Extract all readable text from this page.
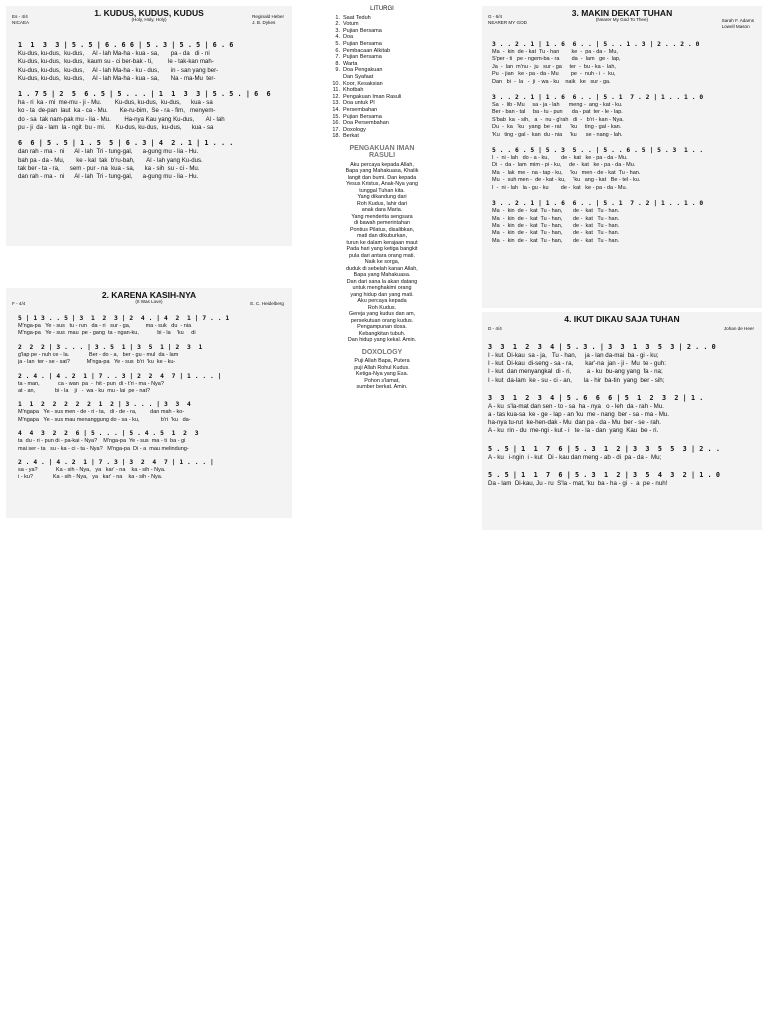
1. KUDUS, KUDUS, KUDUS
(Holy, Holy, Holy)
Es - 4/4
NICAEA
Reginald Heber
J. B. Dykes
1  1  3  3 | 5 . 5 | 6 . 6 6 | 5 . 3 | 5 . 5 | 6 . 6
Ku-dus, ku-dus,  ku-dus,     Al - lah Ma-ha - kua - sa,       pa - da   di - ni
Ku-dus, ku-dus,  ku-dus,  kaum su - ci ber-bak - ti,         le - tak-kan mah-
Ku-dus, ku-dus,  ku-dus,     Al - lah Ma-ha - ku - dus,       in - san yang ber-
Ku-dus, ku-dus,  ku-dus,     Al - lah Ma-ha - kua - sa,       Na - ma-Mu  ter-
1 . 7 5 | 2  5  6 . 5 | 5 . . . | 1  1  3  3 | 5 . 5 . | 6  6
ha - ri  ka - mi  me-mu - ji - Mu.        Ku-dus, ku-dus,  ku-dus,      kua - sa
ko - ta  de-pan  laut  ka - ca - Mu.       Ke-ru-bim,  Se - ra - fim,   menyem-
do - sa  tak nam-pak mu - lia - Mu.        Ha-nya Kau yang Ku-dus,       Al - lah
pu - ji  da - lam  la - ngit  bu - mi.      Ku-dus, ku-dus,  ku-dus,      kua - sa
6  6 | 5 . 5 | 1 . 5  5 | 6 . 3 | 4  2 . 1 | 1 . . .
dan rah - ma -  ni      Al - lah  Tri - tung-gal,      a-gung mu - lia - Hu.
bah pa - da - Mu,       ke - kal  tak  b'ru-bah,       Al - lah yang Ku-dus.
tak ber - ta - ra,      sem - pur - na  kua - sa,      ka - sih  su - ci - Mu.
dan rah - ma -  ni      Al - lah  Tri - tung-gal,      a-gung mu - lia - Hu.
2. KARENA KASIH-NYA
(It Was Love)
F - 4/4	E. C. Heidelberg
5 | 1 3 . . 5 | 3  1  2  3 | 2  4 . | 4  2  1 | 7 . . 1
M'nga-pa   Ye - sus   tu - run   da - ri   sur - ga,          ma - suk   du  - nia
M'nga-pa   Ye - sus  mau  pe - gang  ta - ngan-ku,            bi - la    'ku     di
2  2  2 | 3 . . . | 3 . 5  1 | 3  5  1 | 2  3  1
g'lap pe - nuh ce - la.             Ber - do - a,   ber - gu - mul  da - lam
ja - lan  ter - se - sat?           M'nga-pa   Ye - sus  b'ri  'ku  ke - ku-
2 . 4 . | 4 . 2  1 | 7 . . 3 | 2  2  4  7 | 1 . . . |
ta - man,            ca - wan  pa  -  hit - pun  di - t'ri - ma - Nya?
at - an,             bi - la    ji   -  wa - ku  mu - lai  pe - nat?
1  1  2  2  2  2  2  1  2 | 3 . . . | 3  3  4
M'ngapa   Ye - sus men - de - ri - ta,   di - de - ra,         dan mah - ko-
M'ngapa   Ye - sus mau menanggung do - sa - ku,              b'ri  'ku   da-
4  4  3  2  2  6 | 5 . . . | 5 . 4 . 5  1  2  3
ta  du - ri - pun di - pa-kai - Nya?    M'nga-pa  Ye - sus  ma - ti  ba - gi
mai ser - ta   su - ka - ci - ta - Nya?   M'nga-pa  Di - a  mau melindung-
2 . 4 . | 4 . 2  1 | 7 . 3 | 3  2  4  7 | 1 . . . |
sa - ya?            Ka - sih - Nya,   ya   kar' - na    ka - sih - Nya.
i - ku?             Ka - sih - Nya,   ya   kar' - na    ka - sih - Nya.
LITURGI
1. Saat Teduh
2. Votum
3. Pujian Bersama
4. Doa
5. Pujian Bersama
6. Pembacaan Alkitab
7. Pujian Bersama
8. Warta
9. Doa Pengakuan
Dan Syafaat
10. Koor, Kesaksian
11. Khotbah
12. Pengakuan Iman Rasuli
13. Doa untuk PI
14. Persembahan
15. Pujian Bersama
16. Doa Persembahan
17. Doxology
18. Berkat
PENGAKUAN IMAN
RASULI
Aku percaya kepada Allah,
Bapa yang Mahakuasa, Khalik
langit dan bumi. Dan kepada
Yesus Kristus, Anak-Nya yang
tunggal Tuhan kita.
Yang dikandung dari
Roh Kudus, lahir dari
anak dara Maria.
Yang menderita sengsara
di bawah pemerintahan
Pontius Pilatus, disalibkan,
mati dan dikuburkan,
turun ke dalam kerajaan maut
Pada hari yang ketiga bangkit
pula dari antara orang mati.
Naik ke sorga,
duduk di sebelah kanan Allah,
Bapa yang Mahakuasa.
Dan dari sana la akan datang
untuk menghakimi orang
yang hidup dan yang mati.
Aku percaya kepada
Roh Kudus.
Gereja yang kudus dan am,
persekutuan orang kudus.
Pengampunan dosa.
Kebangkitan tubuh.
Dan hidup yang kekal. Amin.
DOXOLOGY
Puji Allah Bapa, Putera
puji Allah Rohul Kudus.
Ketiga-Nya yang Esa.
Pohon s'lamat,
sumber berkat. Amin.
3. MAKIN DEKAT TUHAN
(Nearer My God To Thee)
G - 6/4
NEARER MY GOD	Sarah F. Adams
Lowell Mason
3 . . 2 . 1 | 1 . 6  6 . . | 5 . . 1 . 3 | 2 . . 2 . 0
Ma  -  kin  de - kat  Tu - han        ke  -  pa - da -  Mu,
S'per - ti   pe - ngem-ba - ra        da  -  lam   ge -  lap,
Ja  -  lan  m'nu -  ju   sur - ga     ter  -  bu - ka -  lah,
Pu  - jian   ke - pa - da - Mu        pe  -  nuh - i  -  ku,
Dan   bi  -  la   -  ji  - wa - ku    naik   ke   sur - ga.
3 . . 2 . 1 | 1 . 6  6 . . | 5 . 1  7 . 2 | 1 . . 1 . 0
Sa  -  lib - Mu     sa - ja - lah      meng -  ang - kat - ku.
Ber - ban - tal     ba - tu - pun      da - pat  ter - le - lap.
S'bab  ka  - sih,   a  -  nu - g'rah   di  -   b'ri - kan - Nya.
Du  -  ka   'ku   yang  be - rat      'ku     ting - gal - kan.
'Ku   ting - gal -  kan  du - nia     'ku      se - nang - lah.
5 . . 6 . 5 | 5 . 3  5 . . | 5 . . 6 . 5 | 5 . 3  1 . .
I  -  ni - lah   do - a - ku,        de -  kat   ke - pa - da - Mu.
Di  -  da -  lam  mim - pi - ku,     de -  kat   ke - pa - da - Mu.
Ma  -  lak  me -  na - tap - ku,     'ku   men - de - kat  Tu - han.
Mu  -  suh men -  de - kat - ku,     'ku   ang - kat   Be - tel - ku.
I  -  ni - lah   la - gu - ku        de -  kat   ke - pa - da - Mu.
3 . . 2 . 1 | 1 . 6  6 . . | 5 . 1  7 . 2 | 1 . . 1 . 0
Ma  -  kin  de -  kat  Tu - han,       de -  kat   Tu - han.
Ma  -  kin  de -  kat  Tu - han,       de -  kat   Tu - han.
Ma  -  kin  de -  kat  Tu - han,       de -  kat   Tu - han.
Ma  -  kin  de -  kat  Tu - han,       de -  kat   Tu - han.
Ma  -  kin  de -  kat  Tu - han,       de -  kat   Tu - han.
4. IKUT DIKAU SAJA TUHAN
D - 4/4	Johan de Heer
3  3  1  2  3  4 | 5 . 3 . | 3  3  1  3  5  3 | 2 . . 0
I - kut  Di-kau  sa - ja,   Tu - han,     ja - lan da-mai  ba - gi - ku;
I - kut  Di-kau  di-seng - sa - ra,       kar'-na  jan - ji -  Mu  te - guh:
I - kut  dan menyangkal  di - ri,         a - ku  bu-ang yang  fa - na;
I - kut  da-lam  ke - su - ci - an,       la - hir  ba-tin  yang  ber - sih;
3  3  1  2  3  4 | 5 . 6  6  6 | 5  1  2  3  2 | 1 .
A - ku  s'la-mat dan sen - to - sa  ha - nya   o - leh  da - rah - Mu.
a - tas kua-sa  ke - ge - lap - an 'ku  me - nang  ber - sa - ma - Mu.
ha-nya tu-rut  ke-hen-dak - Mu  dan pa - da - Mu  ber - se - rah.
A - ku  rin - du  me-ngi - kut - i   te - la - dan  yang  Kau  be - ri.
5 . 5 | 1  1  7  6 | 5 . 3  1  2 | 3  3  5  5  3 | 2 . .
A - ku   i-ngin  i - kut   Di - kau dan meng - ab - di  pa - da -  Mu;
5 . 5 | 1  1  7  6 | 5 . 3  1  2 | 3  5  4  3  2 | 1 . 0
Da - lam  Di-kau, Ju - ru  S'la - mat, 'ku  ba - ha - gi  -  a  pe - nuh!
